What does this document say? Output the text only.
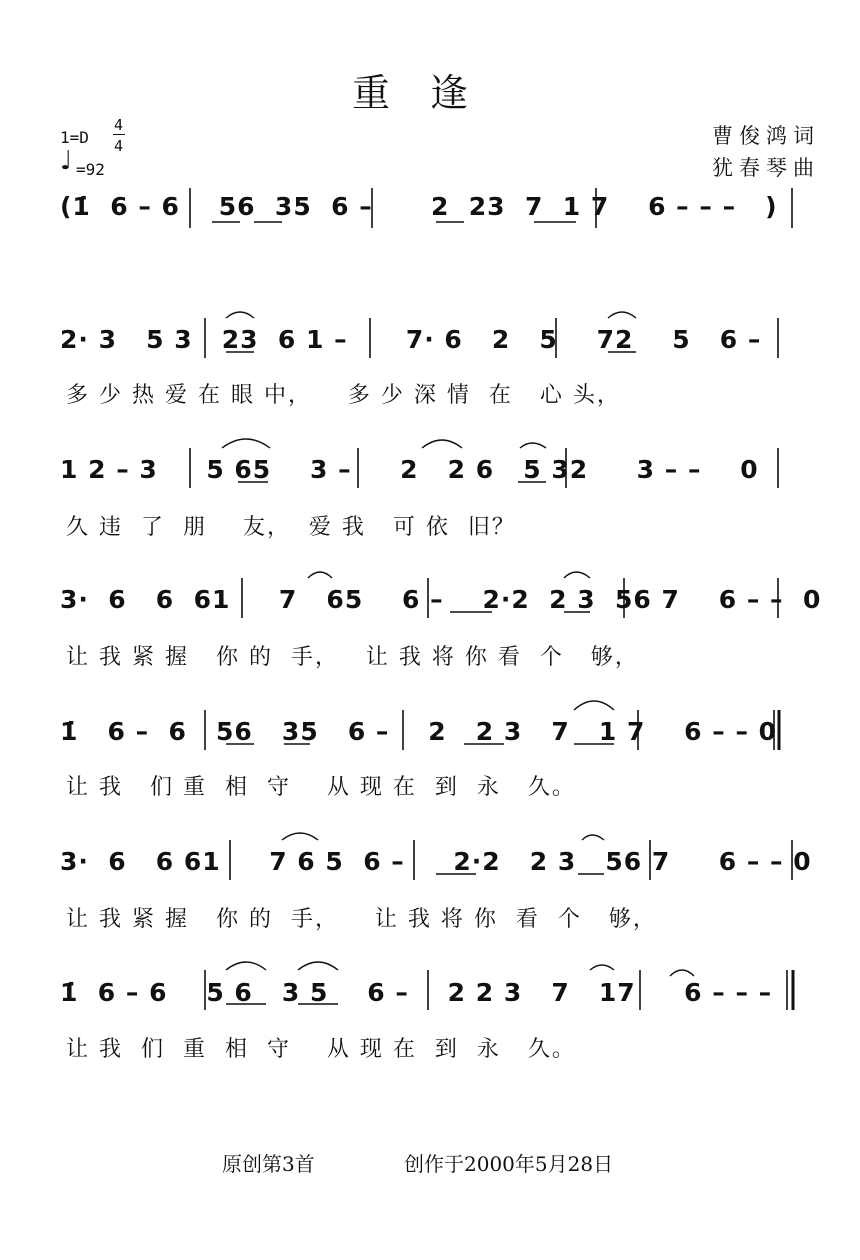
重逢
1=D
4
4
♩ =92
曹俊鸿词
犹春琴曲
(1̇  6 – 6    56  35  6 –      2  23  7  1 7    6 – – –   )
2· 3   5 3   23  6 1 –      7· 6   2   5    72    5   6 –
多 少 热 爱 在 眼 中，    多 少 深 情  在   心 头，
1 2 – 3     5 65    3 –     2   2 6   5 32     3 – –    0
久 违  了  朋    友，  爱 我   可 依  旧？
3·  6   6  61     7   65    6 –    2·2  2 3  56 7    6 – –  0
让 我 紧 握   你 的  手，   让 我 将 你 看  个   够，
1̇   6 –  6   56   35   6 –    2   2 3   7   1 7    6 – – 0
让 我   们 重  相  守    从 现 在  到  永   久。
3·  6   6 61     7 6 5  6 –     2·2   2 3   56 7     6 – – 0
让 我 紧 握   你 的  手，    让 我 将 你  看  个   够，
1̇  6 – 6    5 6   3 5    6 –    2 2 3   7   17     6 – – –
让 我  们  重  相  守    从 现 在  到  永   久。
原创第3首	创作于2000年5月28日
